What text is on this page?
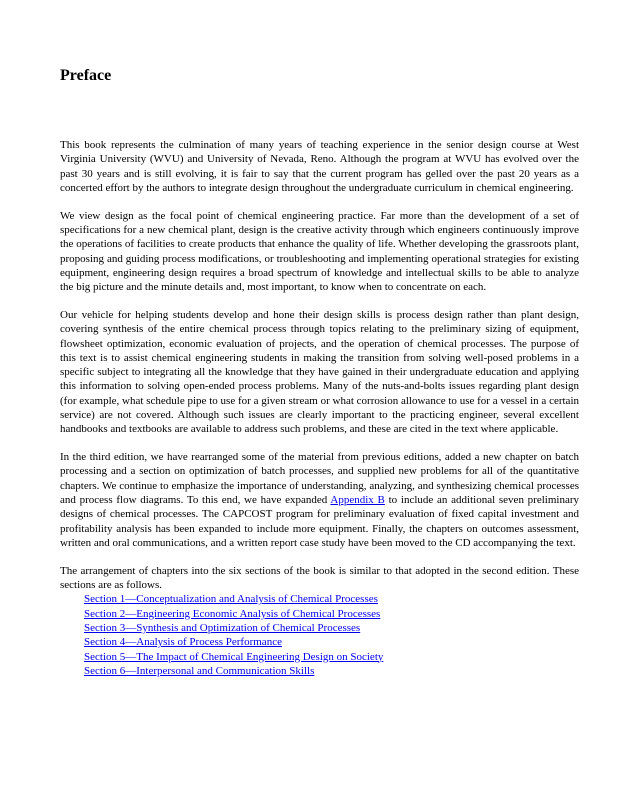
Preface

This book represents the culmination of many years of teaching experience in the senior design course at West Virginia University (WVU) and University of Nevada, Reno. Although the program at WVU has evolved over the past 30 years and is still evolving, it is fair to say that the current program has gelled over the past 20 years as a concerted effort by the authors to integrate design throughout the undergraduate curriculum in chemical engineering.

We view design as the focal point of chemical engineering practice. Far more than the development of a set of specifications for a new chemical plant, design is the creative activity through which engineers continuously improve the operations of facilities to create products that enhance the quality of life. Whether developing the grassroots plant, proposing and guiding process modifications, or troubleshooting and implementing operational strategies for existing equipment, engineering design requires a broad spectrum of knowledge and intellectual skills to be able to analyze the big picture and the minute details and, most important, to know when to concentrate on each.

Our vehicle for helping students develop and hone their design skills is process design rather than plant design, covering synthesis of the entire chemical process through topics relating to the preliminary sizing of equipment, flowsheet optimization, economic evaluation of projects, and the operation of chemical processes. The purpose of this text is to assist chemical engineering students in making the transition from solving well-posed problems in a specific subject to integrating all the knowledge that they have gained in their undergraduate education and applying this information to solving open-ended process problems. Many of the nuts-and-bolts issues regarding plant design (for example, what schedule pipe to use for a given stream or what corrosion allowance to use for a vessel in a certain service) are not covered. Although such issues are clearly important to the practicing engineer, several excellent handbooks and textbooks are available to address such problems, and these are cited in the text where applicable.

In the third edition, we have rearranged some of the material from previous editions, added a new chapter on batch processing and a section on optimization of batch processes, and supplied new problems for all of the quantitative chapters. We continue to emphasize the importance of understanding, analyzing, and synthesizing chemical processes and process flow diagrams. To this end, we have expanded Appendix B to include an additional seven preliminary designs of chemical processes. The CAPCOST program for preliminary evaluation of fixed capital investment and profitability analysis has been expanded to include more equipment. Finally, the chapters on outcomes assessment, written and oral communications, and a written report case study have been moved to the CD accompanying the text.

The arrangement of chapters into the six sections of the book is similar to that adopted in the second edition. These sections are as follows.

Section 1—Conceptualization and Analysis of Chemical Processes
Section 2—Engineering Economic Analysis of Chemical Processes
Section 3—Synthesis and Optimization of Chemical Processes
Section 4—Analysis of Process Performance
Section 5—The Impact of Chemical Engineering Design on Society
Section 6—Interpersonal and Communication Skills
